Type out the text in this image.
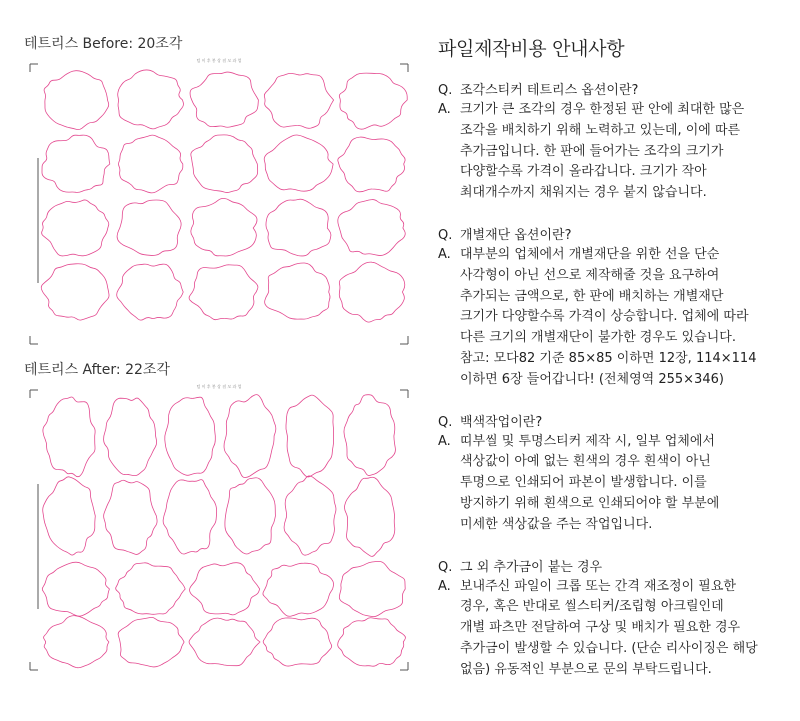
테트리스 Before: 20조각
텀 이 후 봉 상 점 모 과 업
테트리스 After: 22조각
텀 이 후 봉 상 점 모 과 업
파일제작비용 안내사항
Q. 조각스티커 테트리스 옵션이란?
A. 크기가 큰 조각의 경우 한정된 판 안에 최대한 많은
조각을 배치하기 위해 노력하고 있는데, 이에 따른
추가금입니다. 한 판에 들어가는 조각의 크기가
다양할수록 가격이 올라갑니다. 크기가 작아
최대개수까지 채워지는 경우 붙지 않습니다.
Q. 개별재단 옵션이란?
A. 대부분의 업체에서 개별재단을 위한 선을 단순
사각형이 아닌 선으로 제작해줄 것을 요구하여
추가되는 금액으로, 한 판에 배치하는 개별재단
크기가 다양할수록 가격이 상승합니다. 업체에 따라
다른 크기의 개별재단이 불가한 경우도 있습니다.
참고: 모다82 기준 85×85 이하면 12장, 114×114
이하면 6장 들어갑니다! (전체영역 255×346)
Q. 백색작업이란?
A. 띠부씰 및 투명스티커 제작 시, 일부 업체에서
색상값이 아예 없는 흰색의 경우 흰색이 아닌
투명으로 인쇄되어 파본이 발생합니다. 이를
방지하기 위해 흰색으로 인쇄되어야 할 부분에
미세한 색상값을 주는 작업입니다.
Q. 그 외 추가금이 붙는 경우
A. 보내주신 파일이 크롭 또는 간격 재조정이 필요한
경우, 혹은 반대로 씰스티커/조립형 아크릴인데
개별 파츠만 전달하여 구상 및 배치가 필요한 경우
추가금이 발생할 수 있습니다. (단순 리사이징은 해당
없음) 유동적인 부분으로 문의 부탁드립니다.
